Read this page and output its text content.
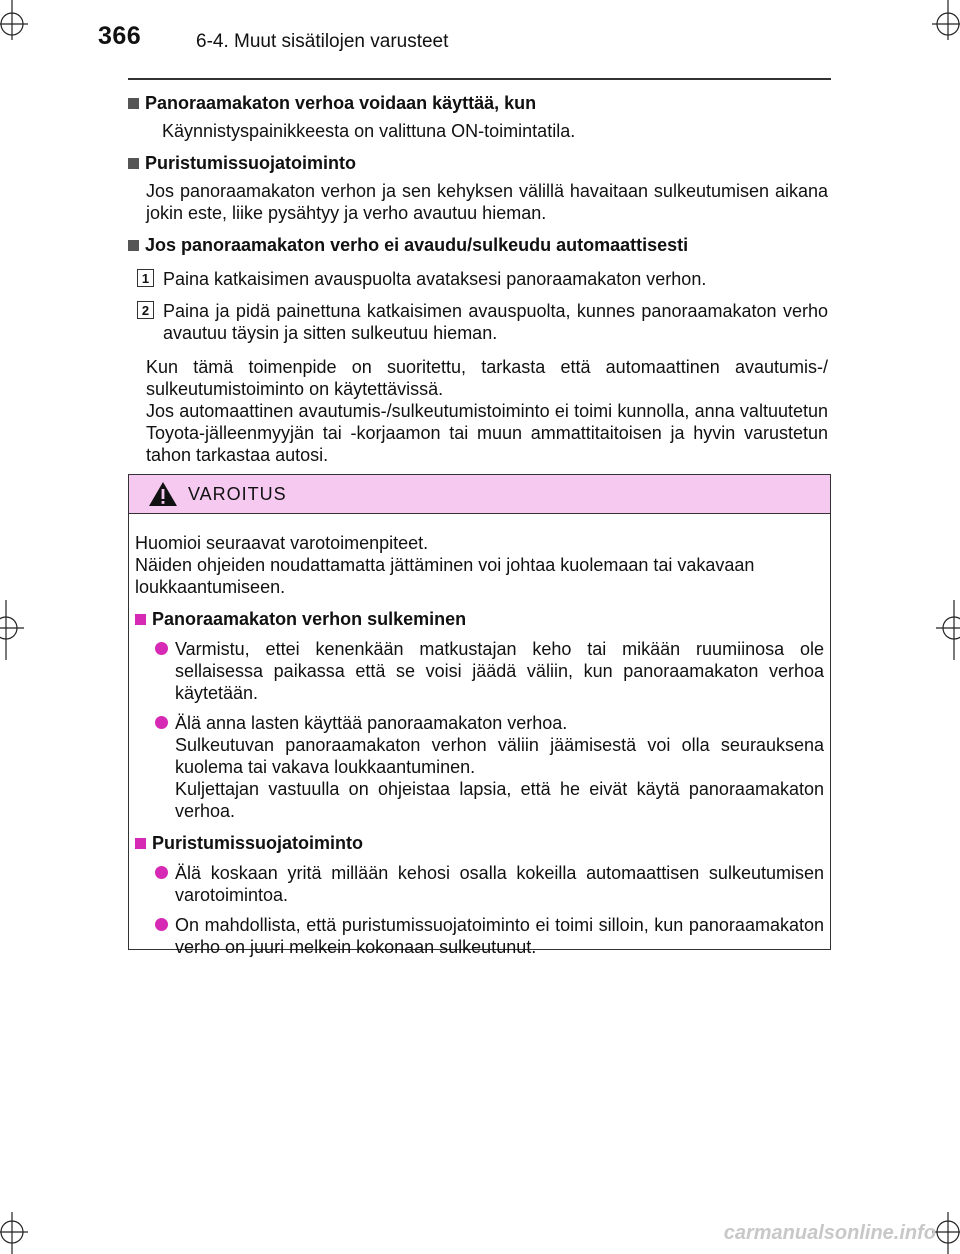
366	6-4. Muut sisätilojen varusteet
Panoraamakaton verhoa voidaan käyttää, kun
Käynnistyspainikkeesta on valittuna ON-toimintatila.
Puristumissuojatoiminto
Jos panoraamakaton verhon ja sen kehyksen välillä havaitaan sulkeutumisen aikana jokin este, liike pysähtyy ja verho avautuu hieman.
Jos panoraamakaton verho ei avaudu/sulkeudu automaattisesti
1 Paina katkaisimen avauspuolta avataksesi panoraamakaton verhon.
2 Paina ja pidä painettuna katkaisimen avauspuolta, kunnes panoraamakaton verho avautuu täysin ja sitten sulkeutuu hieman.
Kun tämä toimenpide on suoritettu, tarkasta että automaattinen avautumis-/ sulkeutumistoiminto on käytettävissä.
Jos automaattinen avautumis-/sulkeutumistoiminto ei toimi kunnolla, anna valtuutetun Toyota-jälleenmyyjän tai -korjaamon tai muun ammattitaitoisen ja hyvin varustetun tahon tarkastaa autosi.
VAROITUS
Huomioi seuraavat varotoimenpiteet.
Näiden ohjeiden noudattamatta jättäminen voi johtaa kuolemaan tai vakavaan loukkaantumiseen.
Panoraamakaton verhon sulkeminen
Varmistu, ettei kenenkään matkustajan keho tai mikään ruumiinosa ole sellaisessa paikassa että se voisi jäädä väliin, kun panoraamakaton verhoa käytetään.
Älä anna lasten käyttää panoraamakaton verhoa.
Sulkeutuvan panoraamakaton verhon väliin jäämisestä voi olla seurauksena kuolema tai vakava loukkaantuminen.
Kuljettajan vastuulla on ohjeistaa lapsia, että he eivät käytä panoraamakaton verhoa.
Puristumissuojatoiminto
Älä koskaan yritä millään kehosi osalla kokeilla automaattisen sulkeutumisen varotoimintoa.
On mahdollista, että puristumissuojatoiminto ei toimi silloin, kun panoraamakaton verho on juuri melkein kokonaan sulkeutunut.
carmanualsonline.info
